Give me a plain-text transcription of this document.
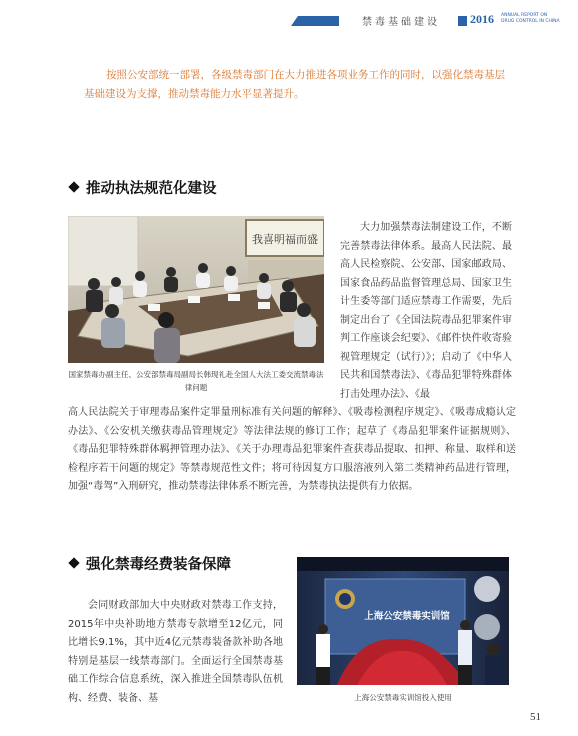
禁毒基础建设	2016 ANNUAL REPORT ON DRUG CONTROL IN CHINA
按照公安部统一部署，各级禁毒部门在大力推进各项业务工作的同时，以强化禁毒基层基础建设为支撑，推动禁毒能力水平显著提升。
推动执法规范化建设
我喜明福而盛
国家禁毒办副主任、公安部禁毒局副局长韩现礼赴全国人大法工委交流禁毒法律问题
大力加强禁毒法制建设工作，不断完善禁毒法律体系。最高人民法院、最高人民检察院、公安部、国家邮政局、国家食品药品监督管理总局、国家卫生计生委等部门适应禁毒工作需要，先后制定出台了《全国法院毒品犯罪案件审判工作座谈会纪要》、《邮件快件收寄验视管理规定（试行）》；启动了《中华人民共和国禁毒法》、《毒品犯罪特殊群体打击处理办法》、《最
高人民法院关于审理毒品案件定罪量刑标准有关问题的解释》、《吸毒检测程序规定》、《吸毒成瘾认定办法》、《公安机关缴获毒品管理规定》等法律法规的修订工作；起草了《毒品犯罪案件证据规则》、《毒品犯罪特殊群体羁押管理办法》、《关于办理毒品犯罪案件查获毒品提取、扣押、称量、取样和送检程序若干问题的规定》等禁毒规范性文件；将可待因复方口服溶液列入第二类精神药品进行管理，加强“毒驾”入刑研究，推动禁毒法律体系不断完善，为禁毒执法提供有力依据。
强化禁毒经费装备保障
会同财政部加大中央财政对禁毒工作支持，2015年中央补助地方禁毒专款增至12亿元，同比增长9.1%，其中近4亿元禁毒装备款补助各地特别是基层一线禁毒部门。全面运行全国禁毒基础工作综合信息系统，深入推进全国禁毒队伍机构、经费、装备、基
上海公安禁毒实训馆
上海公安禁毒实训馆投入使用
51
